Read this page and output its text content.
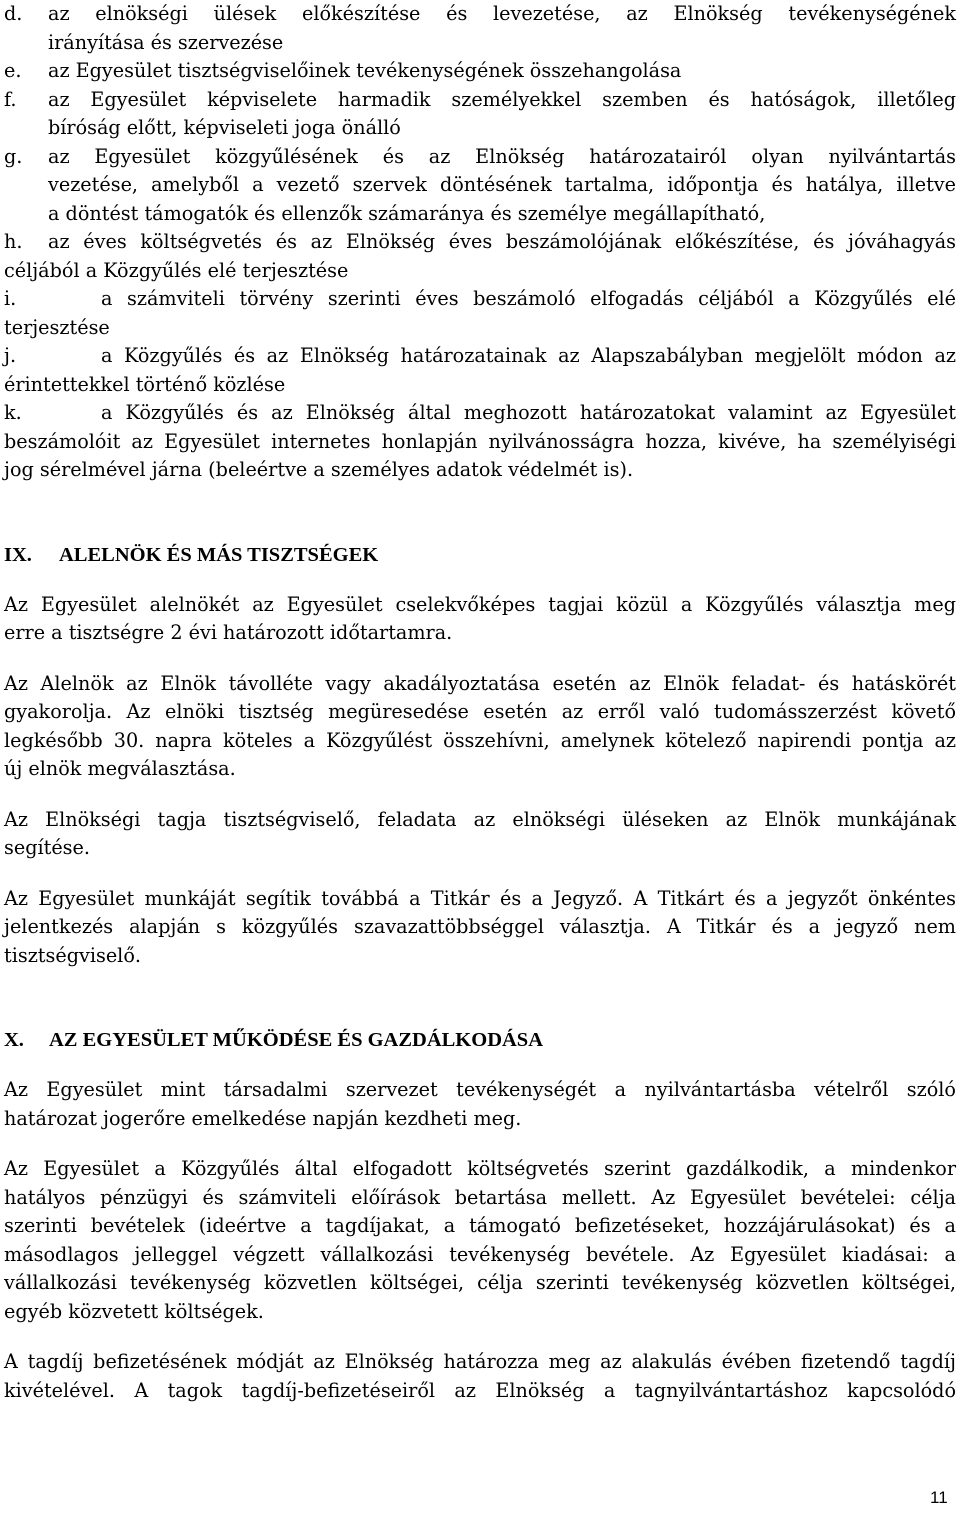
d.	az elnökségi ülések előkészítése és levezetése, az Elnökség tevékenységének
irányítása és szervezése
e.	az Egyesület tisztségviselőinek tevékenységének összehangolása
f.	az Egyesület képviselete harmadik személyekkel szemben és hatóságok, illetőleg
bíróság előtt, képviseleti joga önálló
g.	az Egyesület közgyűlésének és az Elnökség határozatairól olyan nyilvántartás
vezetése, amelyből a vezető szervek döntésének tartalma, időpontja és hatálya, illetve
a döntést támogatók és ellenzők számaránya és személye megállapítható,
h.	az éves költségvetés és az Elnökség éves beszámolójának előkészítése, és jóváhagyás
céljából a Közgyűlés elé terjesztése
i.	a számviteli törvény szerinti éves beszámoló elfogadás céljából a Közgyűlés elé
terjesztése
j.	a Közgyűlés és az Elnökség határozatainak az Alapszabályban megjelölt módon az
érintettekkel történő közlése
k.	a Közgyűlés és az Elnökség által meghozott határozatokat valamint az Egyesület
beszámolóit az Egyesület internetes honlapján nyilvánosságra hozza, kivéve, ha személyiségi
jog sérelmével járna (beleértve a személyes adatok védelmét is).
IX.	ALELNÖK ÉS MÁS TISZTSÉGEK
Az Egyesület alelnökét az Egyesület cselekvőképes tagjai közül a Közgyűlés választja meg
erre a tisztségre 2 évi határozott időtartamra.
Az Alelnök az Elnök távolléte vagy akadályoztatása esetén az Elnök feladat- és hatáskörét
gyakorolja. Az elnöki tisztség megüresedése esetén az erről való tudomásszerzést követő
legkésőbb 30. napra köteles a Közgyűlést összehívni, amelynek kötelező napirendi pontja az
új elnök megválasztása.
Az Elnökségi tagja tisztségviselő, feladata az elnökségi üléseken az Elnök munkájának
segítése.
Az Egyesület munkáját segítik továbbá a Titkár és a Jegyző. A Titkárt és a jegyzőt önkéntes
jelentkezés alapján s közgyűlés szavazattöbbséggel választja. A Titkár és a jegyző nem
tisztségviselő.
X.	AZ EGYESÜLET MŰKÖDÉSE ÉS GAZDÁLKODÁSA
Az Egyesület mint társadalmi szervezet tevékenységét a nyilvántartásba vételről szóló
határozat jogerőre emelkedése napján kezdheti meg.
Az Egyesület a Közgyűlés által elfogadott költségvetés szerint gazdálkodik, a mindenkor
hatályos pénzügyi és számviteli előírások betartása mellett. Az Egyesület bevételei: célja
szerinti bevételek (ideértve a tagdíjakat, a támogató befizetéseket, hozzájárulásokat) és a
másodlagos jelleggel végzett vállalkozási tevékenység bevétele. Az Egyesület kiadásai: a
vállalkozási tevékenység közvetlen költségei, célja szerinti tevékenység közvetlen költségei,
egyéb közvetett költségek.
A tagdíj befizetésének módját az Elnökség határozza meg az alakulás évében fizetendő tagdíj
kivételével. A tagok tagdíj-befizetéseiről az Elnökség a tagnyilvántartáshoz kapcsolódó
11
